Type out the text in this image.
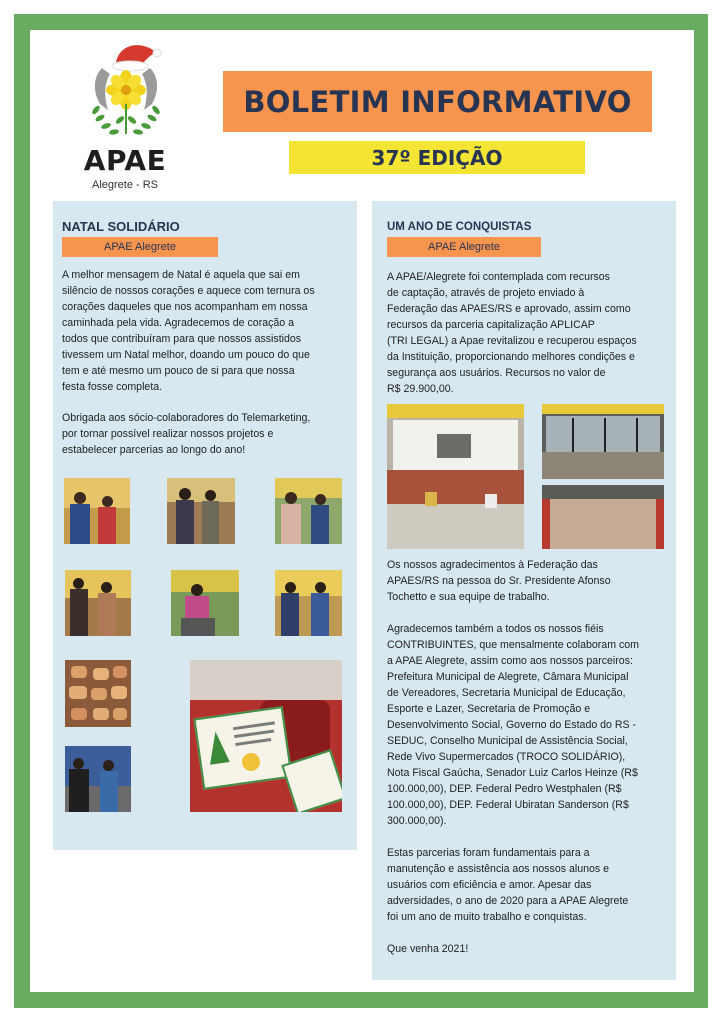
APAE
Alegrete - RS
BOLETIM INFORMATIVO
37º EDIÇÃO
NATAL SOLIDÁRIO
APAE Alegrete
A melhor mensagem de Natal é aquela que sai em
silêncio de nossos corações e aquece com ternura os
corações daqueles que nos acompanham em nossa
caminhada pela vida. Agradecemos de coração a
todos que contribuíram para que nossos assistidos
tivessem um Natal melhor, doando um pouco do que
tem e até mesmo um pouco de si para que nossa
festa fosse completa.
Obrigada aos sócio-colaboradores do Telemarketing,
por tornar possível realizar nossos projetos e
estabelecer parcerias ao longo do ano!
UM ANO DE CONQUISTAS
APAE Alegrete
A APAE/Alegrete foi contemplada com recursos
de captação, através de projeto enviado à
Federação das APAES/RS e aprovado, assim como
recursos da parceria capitalização APLICAP
(TRI LEGAL) a Apae revitalizou e recuperou espaços
da Instituição, proporcionando melhores condições e
segurança aos usuários. Recursos no valor de
R$ 29.900,00.
Os nossos agradecimentos à Federação das
APAES/RS na pessoa do Sr. Presidente Afonso
Tochetto e sua equipe de trabalho.
Agradecemos também a todos os nossos fiéis
CONTRIBUINTES, que mensalmente colaboram com
a APAE Alegrete, assim como aos nossos parceiros:
Prefeitura Municipal de Alegrete, Câmara Municipal
de Vereadores, Secretaria Municipal de Educação,
Esporte e Lazer, Secretaria de Promoção e
Desenvolvimento Social, Governo do Estado do RS -
SEDUC, Conselho Municipal de Assistência Social,
Rede Vivo Supermercados (TROCO SOLIDÁRIO),
Nota Fiscal Gaúcha, Senador Luiz Carlos Heinze (R$
100.000,00), DEP. Federal Pedro Westphalen (R$
100.000,00), DEP. Federal Ubiratan Sanderson (R$
300.000,00).
Estas parcerias foram fundamentais para a
manutenção e assistência aos nossos alunos e
usuários com eficiência e amor. Apesar das
adversidades, o ano de 2020 para a APAE Alegrete
foi um ano de muito trabalho e conquistas.
Que venha 2021!
